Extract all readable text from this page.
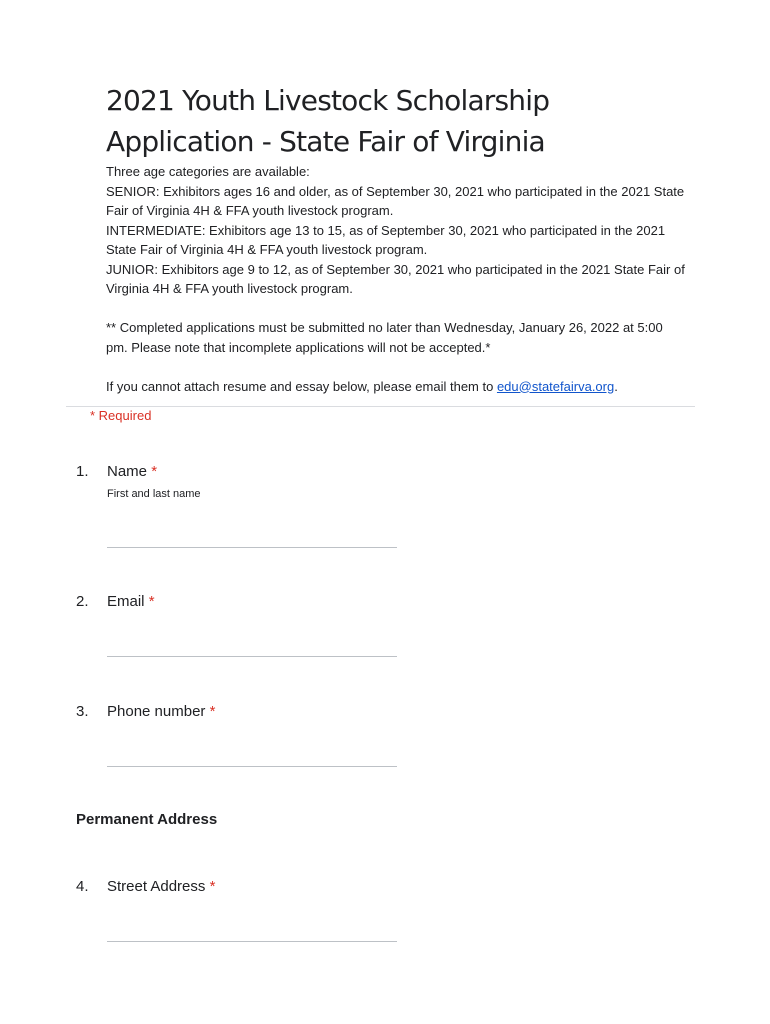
2021 Youth Livestock Scholarship Application - State Fair of Virginia

Three age categories are available:

SENIOR: Exhibitors ages 16 and older, as of September 30, 2021 who participated in the 2021 State Fair of Virginia 4H & FFA youth livestock program.

INTERMEDIATE: Exhibitors age 13 to 15, as of September 30, 2021 who participated in the 2021 State Fair of Virginia 4H & FFA youth livestock program.

JUNIOR: Exhibitors age 9 to 12, as of September 30, 2021 who participated in the 2021 State Fair of Virginia 4H & FFA youth livestock program.

** Completed applications must be submitted no later than Wednesday, January 26, 2022 at 5:00 pm. Please note that incomplete applications will not be accepted.*

If you cannot attach resume and essay below, please email them to edu@statefairva.org.

* Required
1. Name *
First and last name
2. Email *
3. Phone number *
Permanent Address
4. Street Address *
